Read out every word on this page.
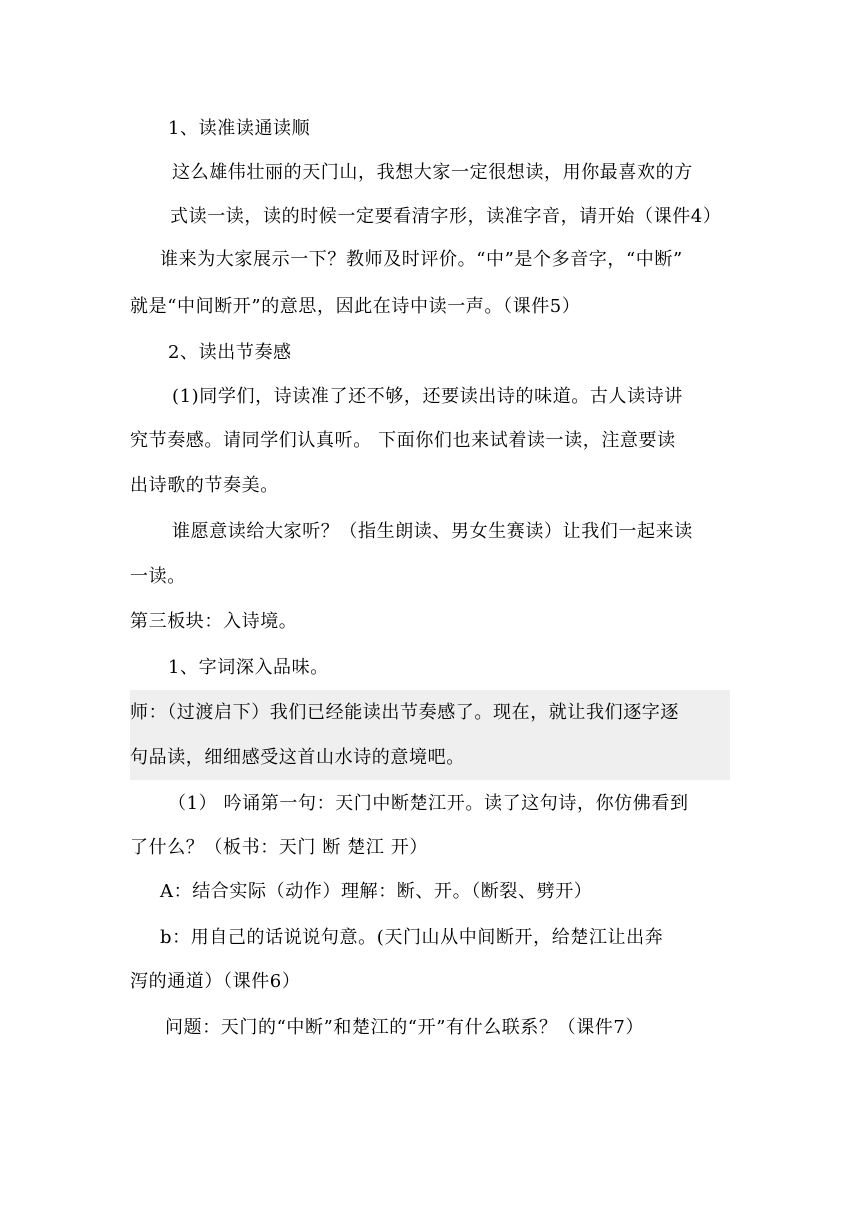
1、读准读通读顺
这么雄伟壮丽的天门山，我想大家一定很想读，用你最喜欢的方
式读一读，读的时候一定要看清字形，读准字音，请开始（课件4）
谁来为大家展示一下？教师及时评价。“中”是个多音字，“中断”
就是“中间断开”的意思，因此在诗中读一声。（课件5）
2、读出节奏感
(1)同学们，诗读准了还不够，还要读出诗的味道。古人读诗讲
究节奏感。请同学们认真听。 下面你们也来试着读一读，注意要读
出诗歌的节奏美。
谁愿意读给大家听？（指生朗读、男女生赛读）让我们一起来读
一读。
第三板块：入诗境。
1、字词深入品味。
师：（过渡启下）我们已经能读出节奏感了。现在，就让我们逐字逐
句品读，细细感受这首山水诗的意境吧。
（1） 吟诵第一句：天门中断楚江开。读了这句诗，你仿佛看到
了什么？（板书：天门 断 楚江 开）
A：结合实际（动作）理解：断、开。（断裂、劈开）
b：用自己的话说说句意。(天门山从中间断开，给楚江让出奔
泻的通道）（课件6）
问题：天门的“中断”和楚江的“开”有什么联系？（课件7）
